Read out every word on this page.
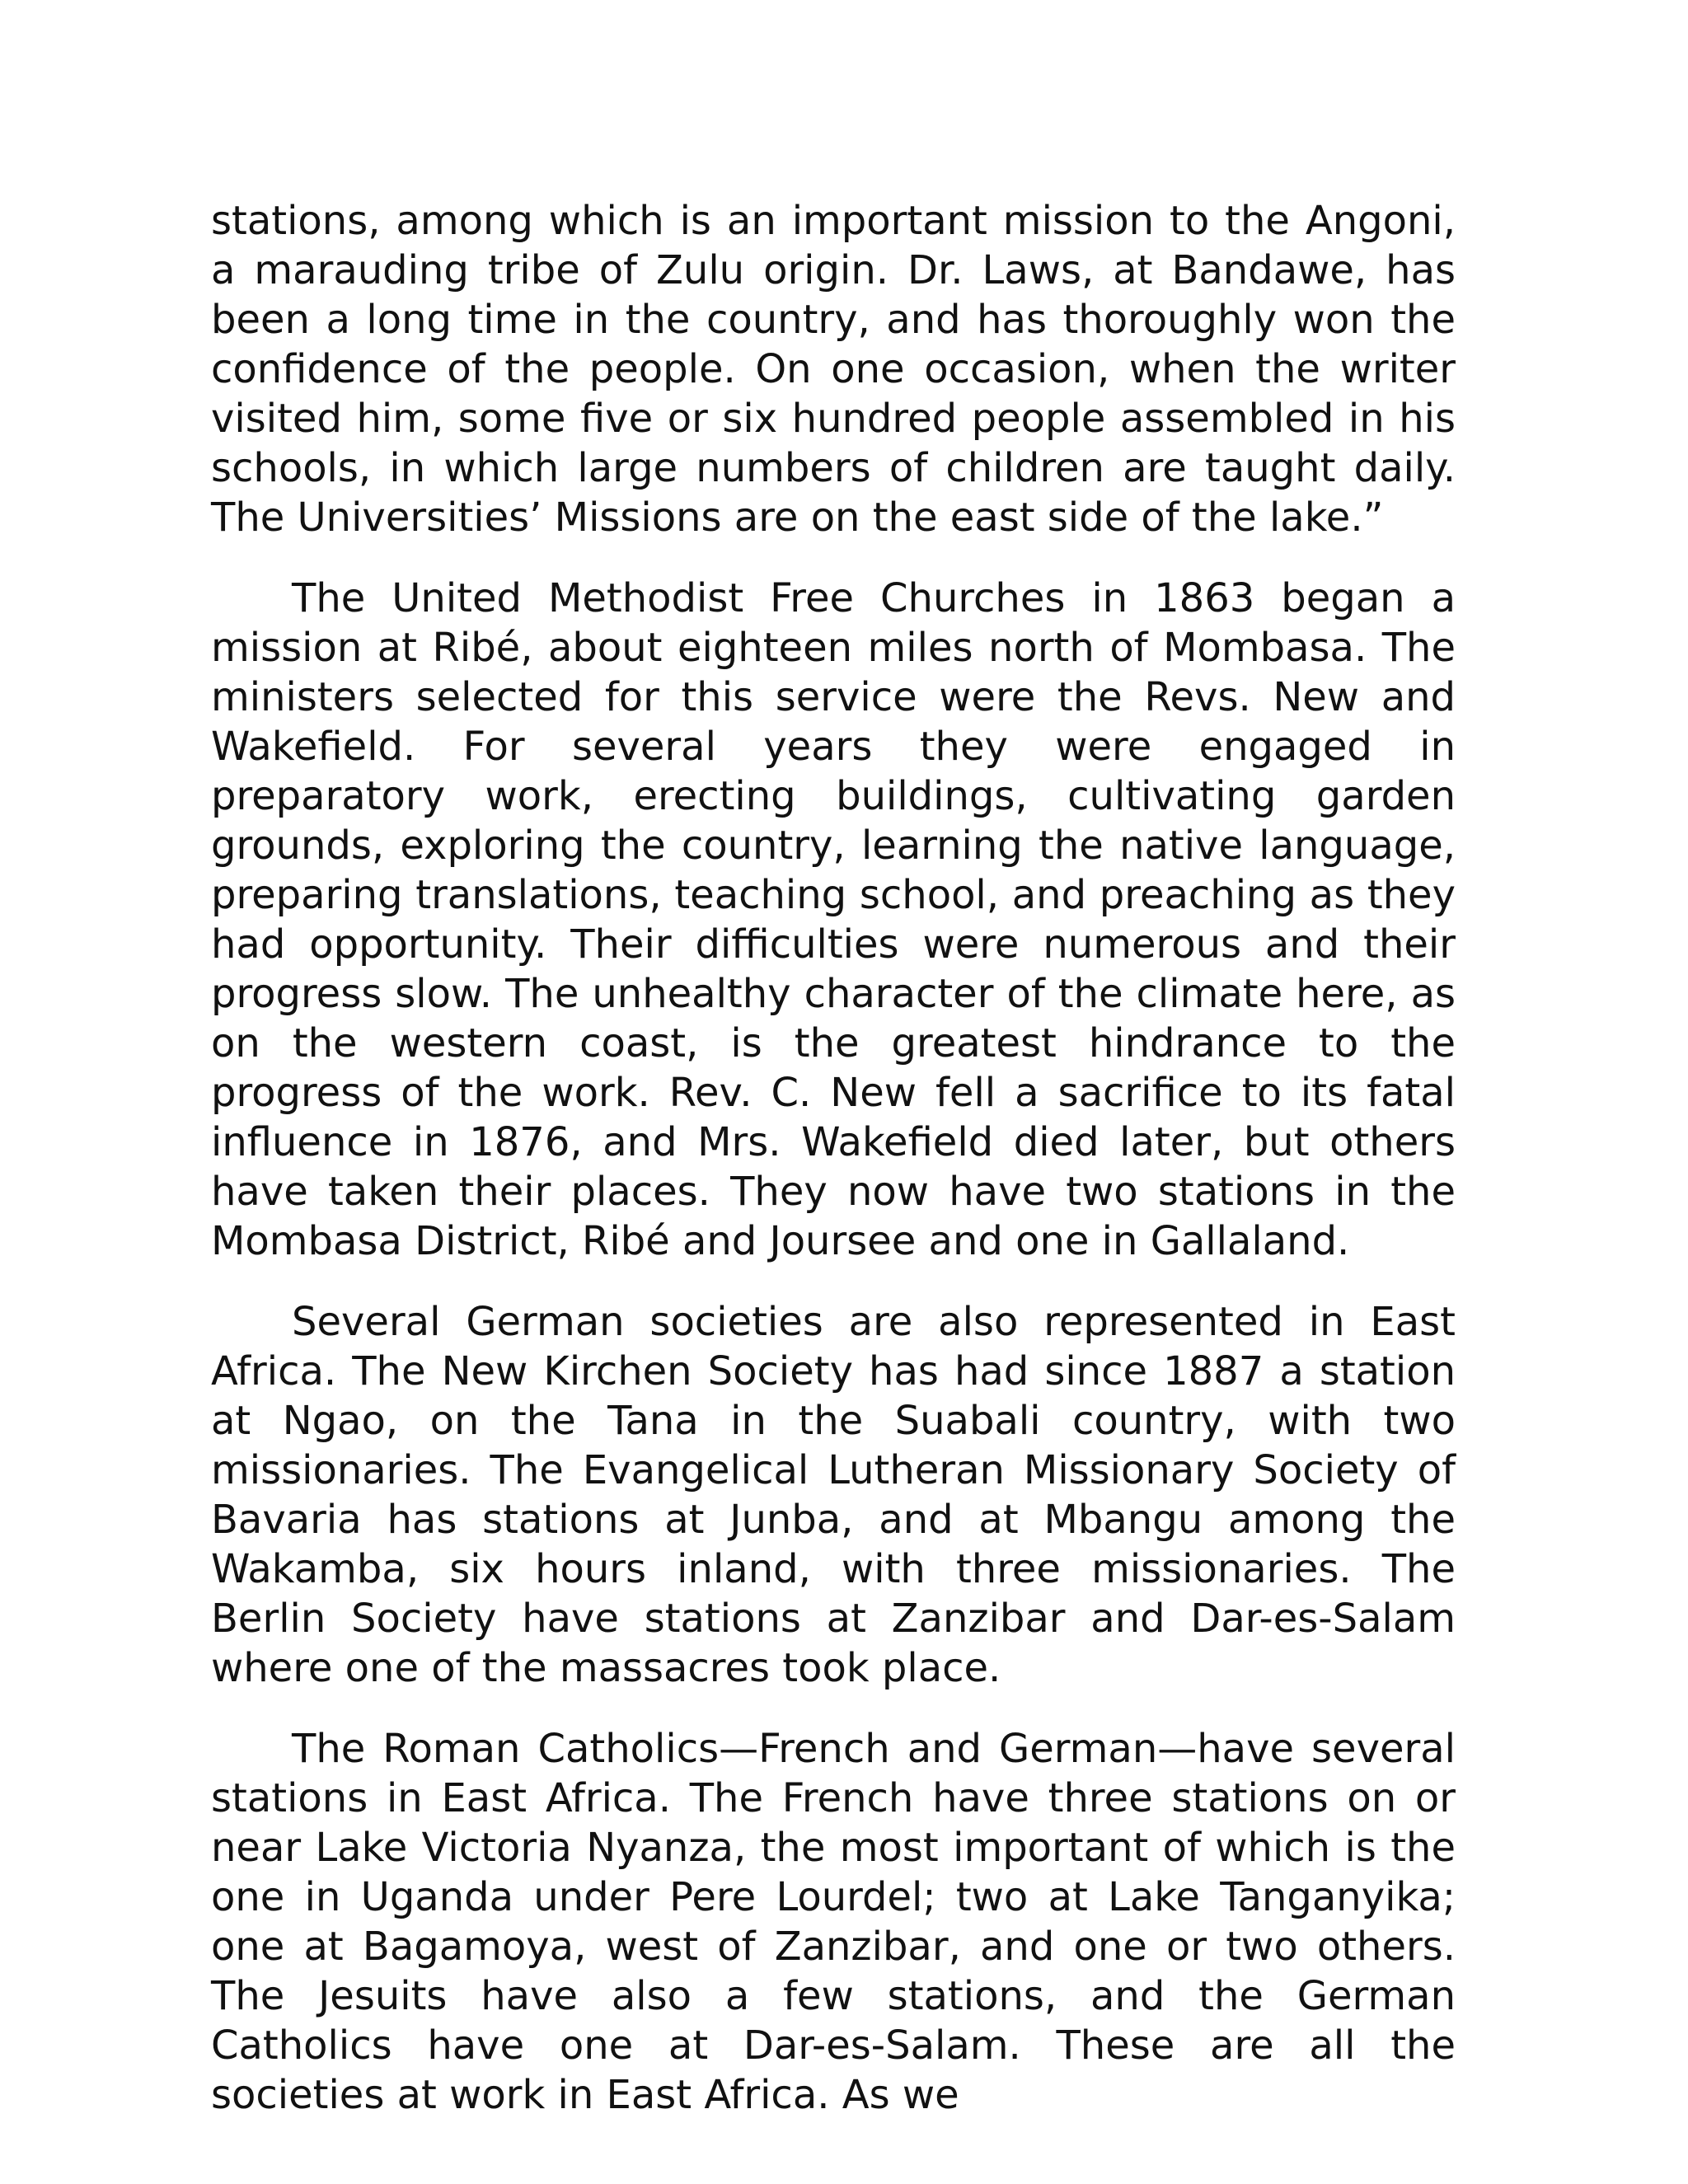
stations, among which is an important mission to the Angoni, a marauding tribe of Zulu origin. Dr. Laws, at Bandawe, has been a long time in the country, and has thoroughly won the confidence of the people. On one occasion, when the writer visited him, some five or six hundred people assembled in his schools, in which large numbers of children are taught daily. The Universities’ Missions are on the east side of the lake.”

The United Methodist Free Churches in 1863 began a mission at Ribé, about eighteen miles north of Mombasa. The ministers selected for this service were the Revs. New and Wakefield. For several years they were engaged in preparatory work, erecting buildings, cultivating garden grounds, exploring the country, learning the native language, preparing translations, teaching school, and preaching as they had opportunity. Their difficulties were numerous and their progress slow. The unhealthy character of the climate here, as on the western coast, is the greatest hindrance to the progress of the work. Rev. C. New fell a sacrifice to its fatal influence in 1876, and Mrs. Wakefield died later, but others have taken their places. They now have two stations in the Mombasa District, Ribé and Joursee and one in Gallaland.

Several German societies are also represented in East Africa. The New Kirchen Society has had since 1887 a station at Ngao, on the Tana in the Suabali country, with two missionaries. The Evangelical Lutheran Missionary Society of Bavaria has stations at Junba, and at Mbangu among the Wakamba, six hours inland, with three missionaries. The Berlin Society have stations at Zanzibar and Dar-es-Salam where one of the massacres took place.

The Roman Catholics—French and German—have several stations in East Africa. The French have three stations on or near Lake Victoria Nyanza, the most important of which is the one in Uganda under Pere Lourdel; two at Lake Tanganyika; one at Bagamoya, west of Zanzibar, and one or two others. The Jesuits have also a few stations, and the German Catholics have one at Dar-es-Salam. These are all the societies at work in East Africa. As we
